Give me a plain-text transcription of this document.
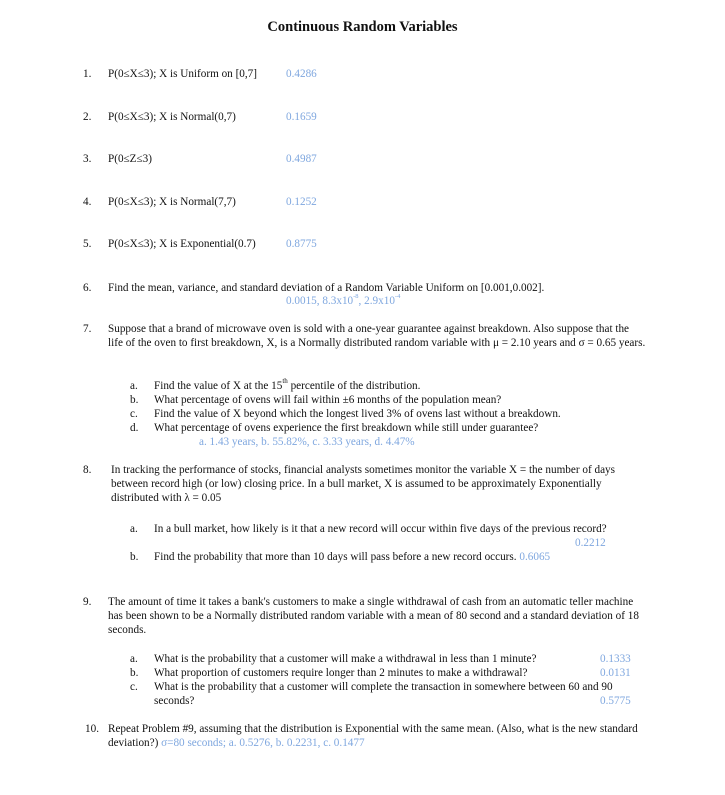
Continuous Random Variables
1. P(0≤X≤3); X is Uniform on [0,7]	0.4286
2. P(0≤X≤3); X is Normal(0,7)	0.1659
3. P(0≤Z≤3)	0.4987
4. P(0≤X≤3); X is Normal(7,7)	0.1252
5. P(0≤X≤3); X is Exponential(0.7)	0.8775
6. Find the mean, variance, and standard deviation of a Random Variable Uniform on [0.001,0.002].
0.0015, $8.3x10^{-8}$, $2.9x10^{-4}$
7. Suppose that a brand of microwave oven is sold with a one-year guarantee against breakdown. Also suppose that the life of the oven to first breakdown, X, is a Normally distributed random variable with μ = 2.10 years and σ = 0.65 years.
a. Find the value of X at the 15th percentile of the distribution.
b. What percentage of ovens will fail within ±6 months of the population mean?
c. Find the value of X beyond which the longest lived 3% of ovens last without a breakdown.
d. What percentage of ovens experience the first breakdown while still under guarantee?
a. 1.43 years, b. 55.82%, c. 3.33 years, d. 4.47%
8. In tracking the performance of stocks, financial analysts sometimes monitor the variable X = the number of days between record high (or low) closing price. In a bull market, X is assumed to be approximately Exponentially distributed with λ = 0.05
a. In a bull market, how likely is it that a new record will occur within five days of the previous record?
0.2212
b. Find the probability that more than 10 days will pass before a new record occurs. 0.6065
9. The amount of time it takes a bank's customers to make a single withdrawal of cash from an automatic teller machine has been shown to be a Normally distributed random variable with a mean of 80 second and a standard deviation of 18 seconds.
a. What is the probability that a customer will make a withdrawal in less than 1 minute?	0.1333
b. What proportion of customers require longer than 2 minutes to make a withdrawal?	0.0131
c. What is the probability that a customer will complete the transaction in somewhere between 60 and 90 seconds?	0.5775
10. Repeat Problem #9, assuming that the distribution is Exponential with the same mean. (Also, what is the new standard deviation?) σ=80 seconds; a. 0.5276, b. 0.2231, c. 0.1477
